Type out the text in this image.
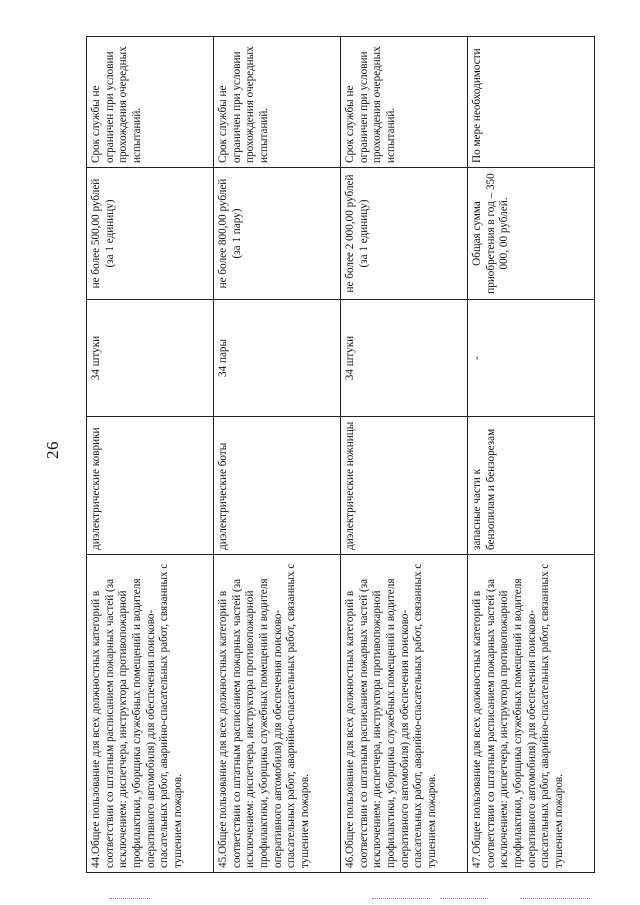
26
44.Общее пользование для всех должностных категорий в соответствии со штатным расписанием пожарных частей (за исключением: диспетчера, инструктора противопожарной профилактики, уборщика служебных помещений и водителя оперативного автомобиля) для обеспечения поисково-спасательных работ, аварийно-спасательных работ, связанных с тушением пожаров.	диэлектрические коврики	34 штуки	не более 500,00 рублей (за 1 единицу)	Срок службы не ограничен при условии прохождения очередных испытаний.
45.Общее пользование для всех должностных категорий в соответствии со штатным расписанием пожарных частей (за исключением: диспетчера, инструктора противопожарной профилактики, уборщика служебных помещений и водителя оперативного автомобиля) для обеспечения поисково-спасательных работ, аварийно-спасательных работ, связанных с тушением пожаров.	диэлектрические боты	34 пары	не более 800,00 рублей (за 1 пару)	Срок службы не ограничен при условии прохождения очередных испытаний.
46.Общее пользование для всех должностных категорий в соответствии со штатным расписанием пожарных частей (за исключением: диспетчера, инструктора противопожарной профилактики, уборщика служебных помещений и водителя оперативного автомобиля) для обеспечения поисково-спасательных работ, аварийно-спасательных работ, связанных с тушением пожаров.	диэлектрические ножницы	34 штуки	не более 2 000,00 рублей (за 1 единицу)	Срок службы не ограничен при условии прохождения очередных испытаний.
47.Общее пользование для всех должностных категорий в соответствии со штатным расписанием пожарных частей (за исключением: диспетчера, инструктора противопожарной профилактики, уборщика служебных помещений и водителя оперативного автомобиля) для обеспечения поисково-спасательных работ, аварийно-спасательных работ, связанных с тушением пожаров.	запасные части к бензопилам и бензорезам	-	Общая сумма приобретения в год – 350 000, 00 рублей.	По мере необходимости
